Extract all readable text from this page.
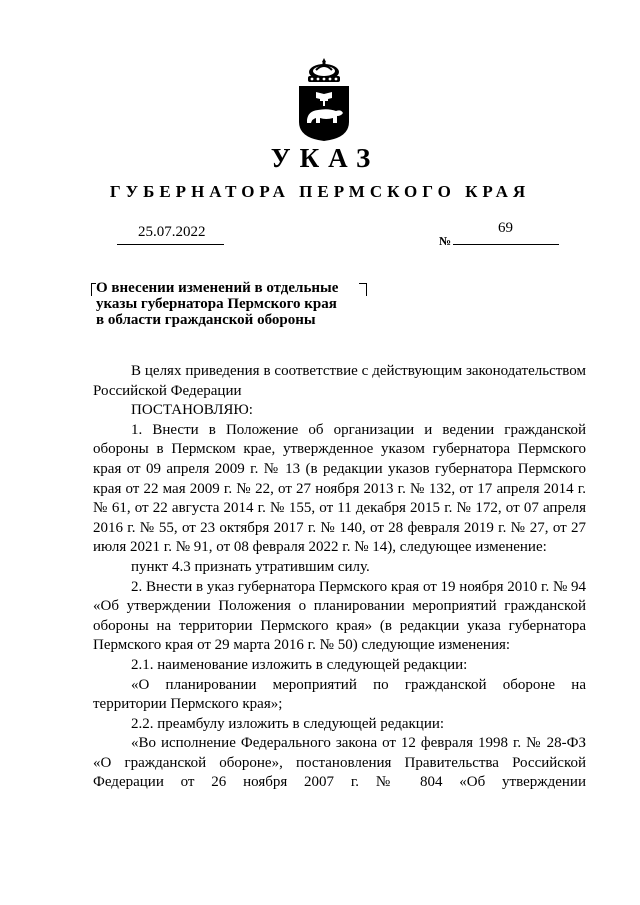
УКАЗ
ГУБЕРНАТОРА ПЕРМСКОГО КРАЯ
25.07.2022
№
69
О внесении изменений в отдельные
указы губернатора Пермского края
в области гражданской обороны

В целях приведения в соответствие с действующим законодательством Российской Федерации

ПОСТАНОВЛЯЮ:

1. Внести в Положение об организации и ведении гражданской обороны в Пермском крае, утвержденное указом губернатора Пермского края от 09 апреля 2009 г. № 13 (в редакции указов губернатора Пермского края от 22 мая 2009 г. № 22, от 27 ноября 2013 г. № 132, от 17 апреля 2014 г. № 61, от 22 августа 2014 г. № 155, от 11 декабря 2015 г. № 172, от 07 апреля 2016 г. № 55, от 23 октября 2017 г. № 140, от 28 февраля 2019 г. № 27, от 27 июля 2021 г. № 91, от 08 февраля 2022 г. № 14), следующее изменение:

пункт 4.3 признать утратившим силу.

2. Внести в указ губернатора Пермского края от 19 ноября 2010 г. № 94 «Об утверждении Положения о планировании мероприятий гражданской обороны на территории Пермского края» (в редакции указа губернатора Пермского края от 29 марта 2016 г. № 50) следующие изменения:

2.1. наименование изложить в следующей редакции:

«О планировании мероприятий по гражданской обороне на территории Пермского края»;

2.2. преамбулу изложить в следующей редакции:

«Во исполнение Федерального закона от 12 февраля 1998 г. № 28-ФЗ «О гражданской обороне», постановления Правительства Российской Федерации от 26 ноября 2007 г. № 804 «Об утверждении
